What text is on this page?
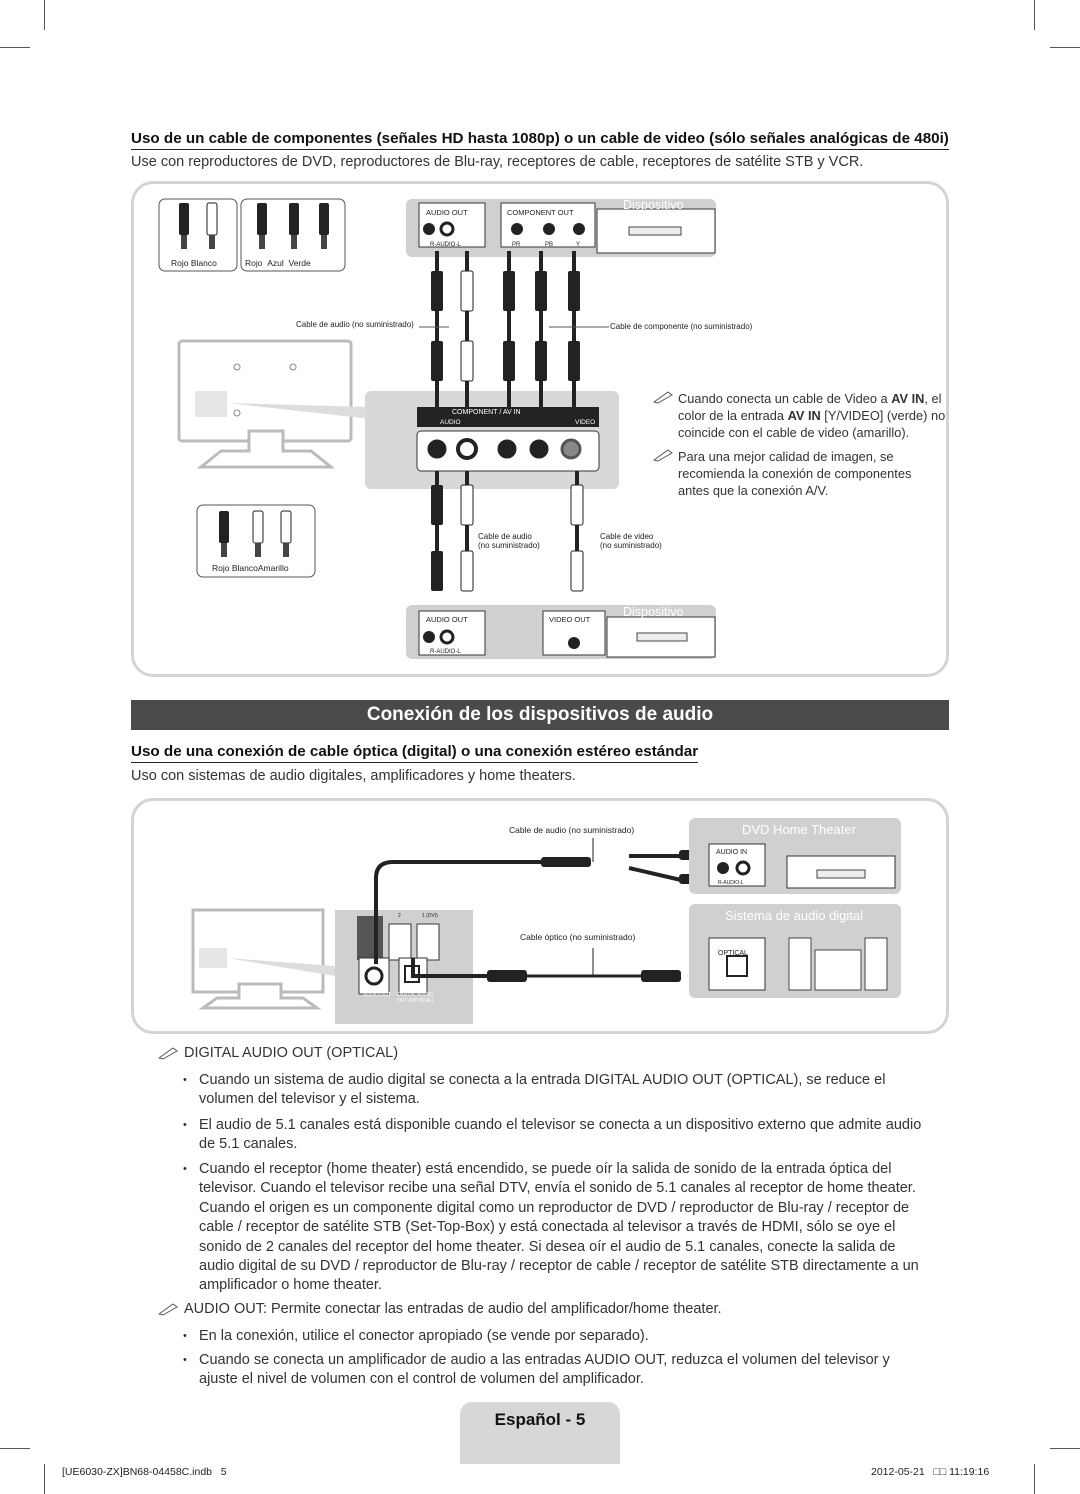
Uso de un cable de componentes (señales HD hasta 1080p) o un cable de video (sólo señales analógicas de 480i)
Use con reproductores de DVD, reproductores de Blu-ray, receptores de cable, receptores de satélite STB y VCR.
Rojo Blanco	Rojo Azul Verde
Rojo BlancoAmarillo
AUDIO OUT	COMPONENT OUT
Dispositivo
R-AUDIO-L	PR	PB	Y
Cable de audio (no suministrado)	Cable de componente (no suministrado)
COMPONENT / AV IN
AUDIO	VIDEO
Cable de audio
(no suministrado)
Cable de video
(no suministrado)
AUDIO OUT	VIDEO OUT
Dispositivo
R-AUDIO-L
Cuando conecta un cable de Video a AV IN, el color de la entrada AV IN [Y/VIDEO] (verde) no coincide con el cable de video (amarillo).
Para una mejor calidad de imagen, se recomienda la conexión de componentes antes que la conexión A/V.
Conexión de los dispositivos de audio
Uso de una conexión de cable óptica (digital) o una conexión estéreo estándar
Uso con sistemas de audio digitales, amplificadores y home theaters.
Cable de audio (no suministrado)
Cable óptico (no suministrado)
DVD Home Theater
Sistema de audio digital
AUDIO IN
R-AUDIO-L
OPTICAL
AUDIO OUT DIGITAL AUDIO OUT (OPTICAL)
2	1 (DVI)
DIGITAL AUDIO OUT (OPTICAL)
• Cuando un sistema de audio digital se conecta a la entrada DIGITAL AUDIO OUT (OPTICAL), se reduce el volumen del televisor y el sistema.
• El audio de 5.1 canales está disponible cuando el televisor se conecta a un dispositivo externo que admite audio de 5.1 canales.
• Cuando el receptor (home theater) está encendido, se puede oír la salida de sonido de la entrada óptica del televisor. Cuando el televisor recibe una señal DTV, envía el sonido de 5.1 canales al receptor de home theater. Cuando el origen es un componente digital como un reproductor de DVD / reproductor de Blu-ray / receptor de cable / receptor de satélite STB (Set-Top-Box) y está conectada al televisor a través de HDMI, sólo se oye el sonido de 2 canales del receptor del home theater. Si desea oír el audio de 5.1 canales, conecte la salida de audio digital de su DVD / reproductor de Blu-ray / receptor de cable / receptor de satélite STB directamente a un amplificador o home theater.
AUDIO OUT: Permite conectar las entradas de audio del amplificador/home theater.
• En la conexión, utilice el conector apropiado (se vende por separado).
• Cuando se conecta un amplificador de audio a las entradas AUDIO OUT, reduzca el volumen del televisor y ajuste el nivel de volumen con el control de volumen del amplificador.
Español - 5
[UE6030-ZX]BN68-04458C.indb   5	2012-05-21   □□ 11:19:16
